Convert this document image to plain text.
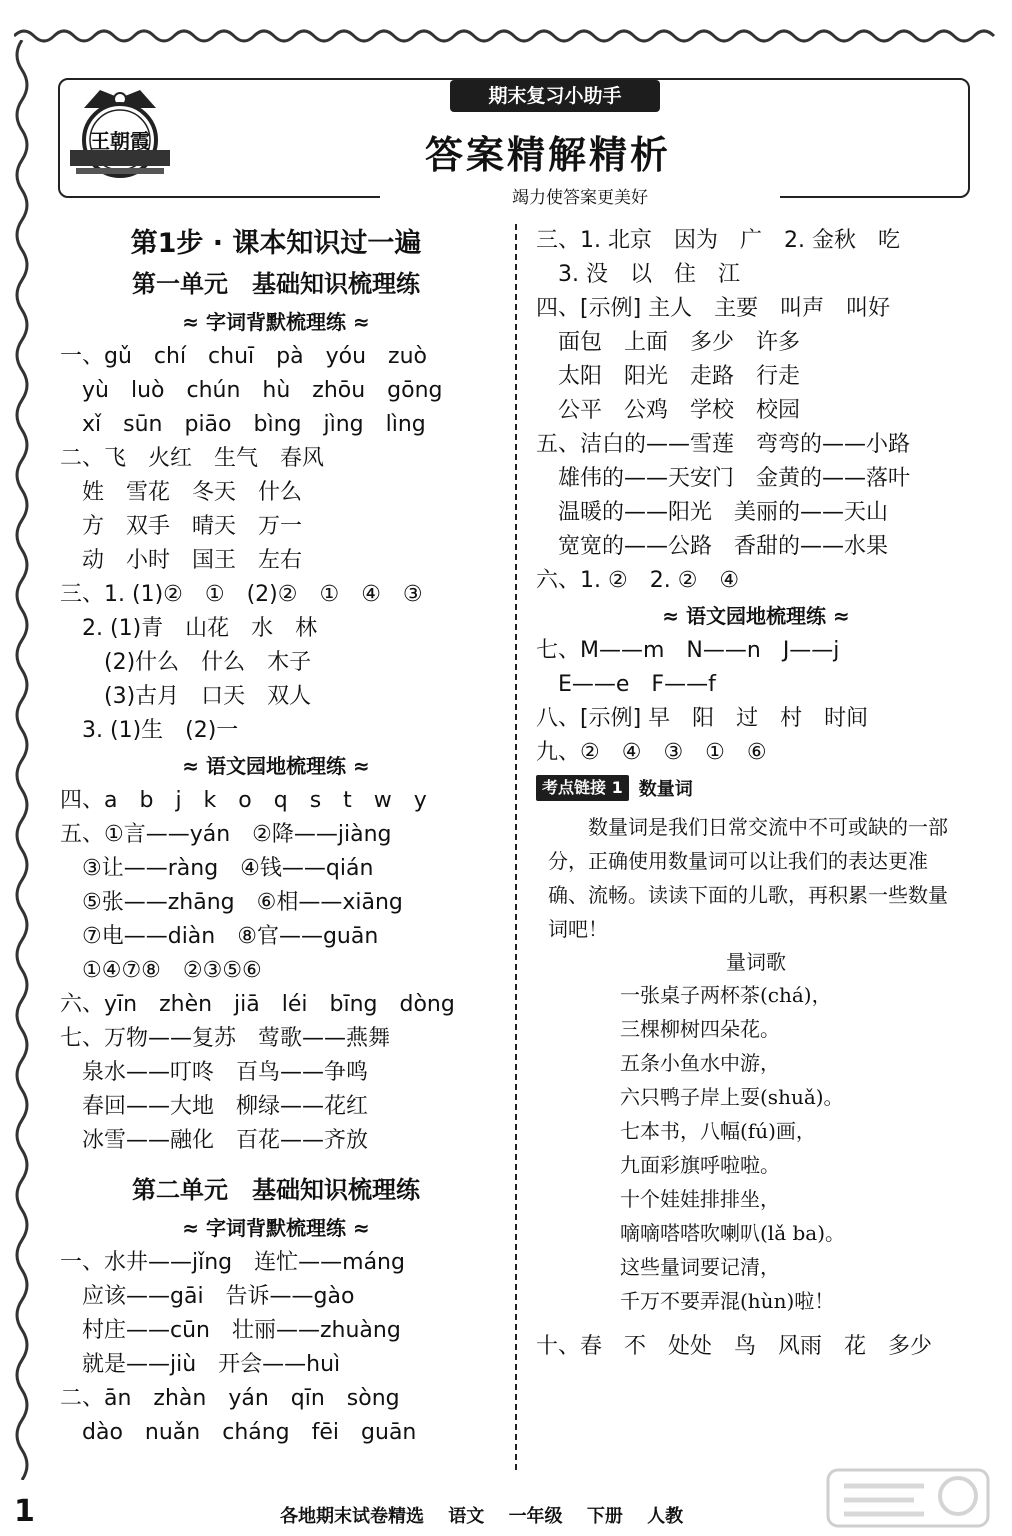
王朝霞
期末复习小助手
答案精解精析
竭力使答案更美好
第1步 · 课本知识过一遍
第一单元　基础知识梳理练
≈ 字词背默梳理练 ≈
一、gǔ　chí　chuī　pà　yóu　zuò
　yù　luò　chún　hù　zhōu　gōng
　xǐ　sūn　piāo　bìng　jìng　lìng
二、飞　火红　生气　春风
　姓　雪花　冬天　什么
　方　双手　晴天　万一
　动　小时　国王　左右
三、1. (1)②　①　(2)②　①　④　③
　2. (1)青　山花　水　林
　　(2)什么　什么　木子
　　(3)古月　口天　双人
　3. (1)生　(2)一
≈ 语文园地梳理练 ≈
四、a　b　j　k　o　q　s　t　w　y
五、①言——yán　②降——jiàng
　③让——ràng　④钱——qián
　⑤张——zhāng　⑥相——xiāng
　⑦电——diàn　⑧官——guān
　①④⑦⑧　②③⑤⑥
六、yīn　zhèn　jiā　léi　bīng　dòng
七、万物——复苏　莺歌——燕舞
　泉水——叮咚　百鸟——争鸣
　春回——大地　柳绿——花红
　冰雪——融化　百花——齐放
第二单元　基础知识梳理练
≈ 字词背默梳理练 ≈
一、水井——jǐng　连忙——máng
　应该——gāi　告诉——gào
　村庄——cūn　壮丽——zhuàng
　就是——jiù　开会——huì
二、ān　zhàn　yán　qīn　sòng
　dào　nuǎn　cháng　fēi　guān
三、1. 北京　因为　广　2. 金秋　吃
　3. 没　以　住　江
四、[示例] 主人　主要　叫声　叫好
　面包　上面　多少　许多
　太阳　阳光　走路　行走
　公平　公鸡　学校　校园
五、洁白的——雪莲　弯弯的——小路
　雄伟的——天安门　金黄的——落叶
　温暖的——阳光　美丽的——天山
　宽宽的——公路　香甜的——水果
六、1. ②　2. ②　④
≈ 语文园地梳理练 ≈
七、M——m　N——n　J——j
　E——e　F——f
八、[示例] 早　阳　过　村　时间
九、②　④　③　①　⑥
考点链接 1 数量词
数量词是我们日常交流中不可或缺的一部分，正确使用数量词可以让我们的表达更准确、流畅。读读下面的儿歌，再积累一些数量词吧！
量词歌
一张桌子两杯茶(chá)，
三棵柳树四朵花。
五条小鱼水中游，
六只鸭子岸上耍(shuǎ)。
七本书，八幅(fú)画，
九面彩旗呼啦啦。
十个娃娃排排坐，
嘀嘀嗒嗒吹喇叭(lǎ ba)。
这些量词要记清，
千万不要弄混(hùn)啦！
十、春　不　处处　鸟　风雨　花　多少
1	各地期末试卷精选 语文 一年级 下册 人教
